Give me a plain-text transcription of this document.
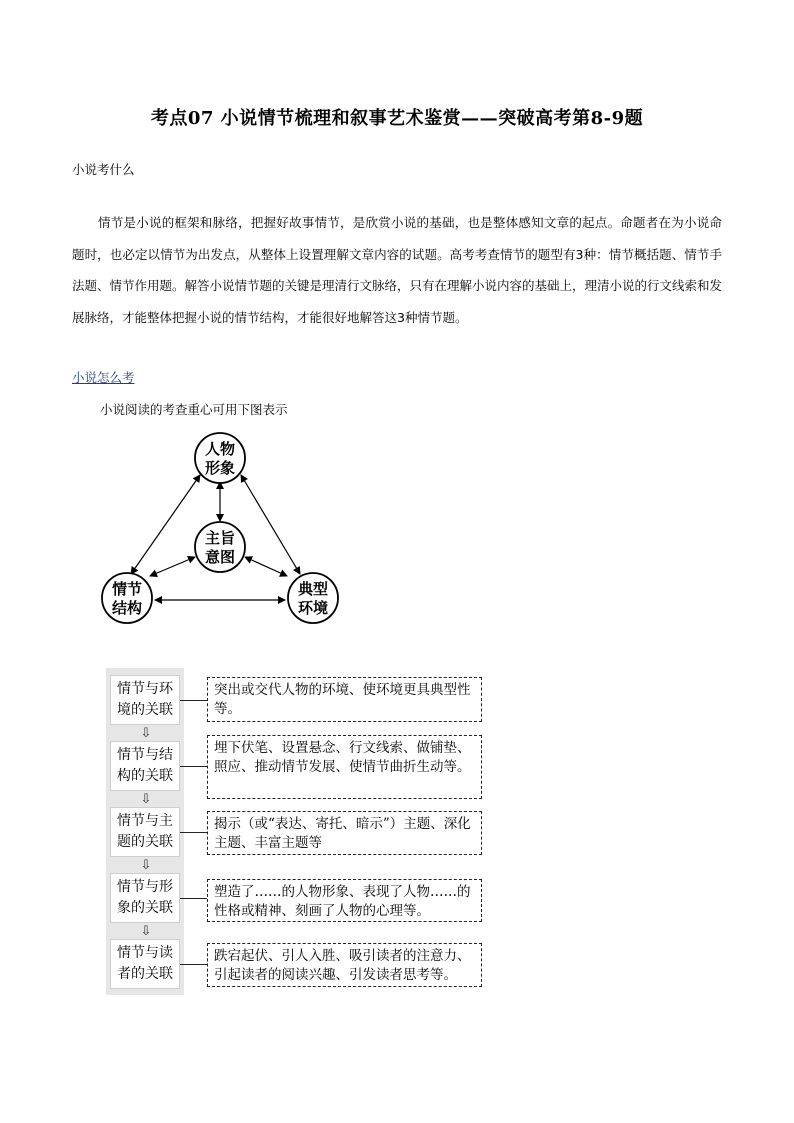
考点07 小说情节梳理和叙事艺术鉴赏——突破高考第8-9题
小说考什么
情节是小说的框架和脉络，把握好故事情节，是欣赏小说的基础，也是整体感知文章的起点。命题者在为小说命题时，也必定以情节为出发点，从整体上设置理解文章内容的试题。高考考查情节的题型有3种：情节概括题、情节手法题、情节作用题。解答小说情节题的关键是理清行文脉络，只有在理解小说内容的基础上，理清小说的行文线索和发展脉络，才能整体把握小说的情节结构，才能很好地解答这3种情节题。
小说怎么考
小说阅读的考查重心可用下图表示
人物
形象
主旨
意图
情节
结构
典型
环境
情节与环境的关联
⇩
情节与结构的关联
⇩
情节与主题的关联
⇩
情节与形象的关联
⇩
情节与读者的关联
突出或交代人物的环境、使环境更具典型性等。
埋下伏笔、设置悬念、行文线索、做铺垫、照应、推动情节发展、使情节曲折生动等。
揭示（或“表达、寄托、暗示”）主题、深化主题、丰富主题等
塑造了……的人物形象、表现了人物……的性格或精神、刻画了人物的心理等。
跌宕起伏、引人入胜、吸引读者的注意力、引起读者的阅读兴趣、引发读者思考等。
